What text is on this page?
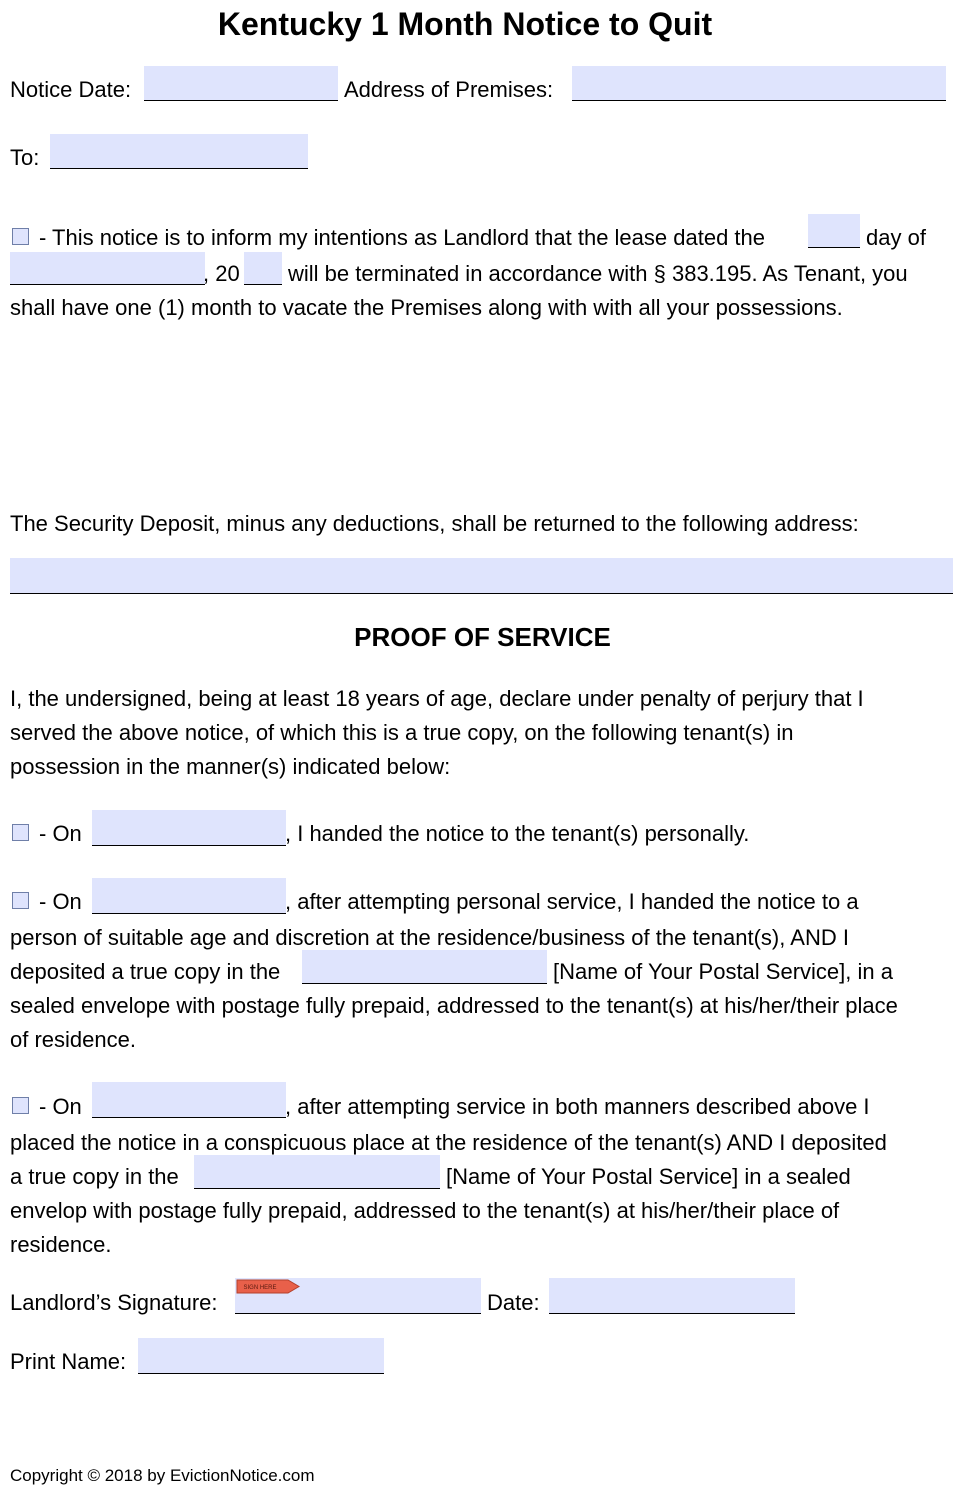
Kentucky 1 Month Notice to Quit
Notice Date:	Address of Premises:
To:
- This notice is to inform my intentions as Landlord that the lease dated the	day of
, 20 will be terminated in accordance with § 383.195. As Tenant, you
shall have one (1) month to vacate the Premises along with with all your possessions.
The Security Deposit, minus any deductions, shall be returned to the following address:
PROOF OF SERVICE
I, the undersigned, being at least 18 years of age, declare under penalty of perjury that I
served the above notice, of which this is a true copy, on the following tenant(s) in
possession in the manner(s) indicated below:
- On	, I handed the notice to the tenant(s) personally.
- On	, after attempting personal service, I handed the notice to a
person of suitable age and discretion at the residence/business of the tenant(s), AND I
deposited a true copy in the	[Name of Your Postal Service], in a
sealed envelope with postage fully prepaid, addressed to the tenant(s) at his/her/their place
of residence.
- On	, after attempting service in both manners described above I
placed the notice in a conspicuous place at the residence of the tenant(s) AND I deposited
a true copy in the	[Name of Your Postal Service] in a sealed
envelop with postage fully prepaid, addressed to the tenant(s) at his/her/their place of
residence.
Landlord’s Signature:
SIGN HERE
Date:
Print Name:
Copyright © 2018 by EvictionNotice.com
